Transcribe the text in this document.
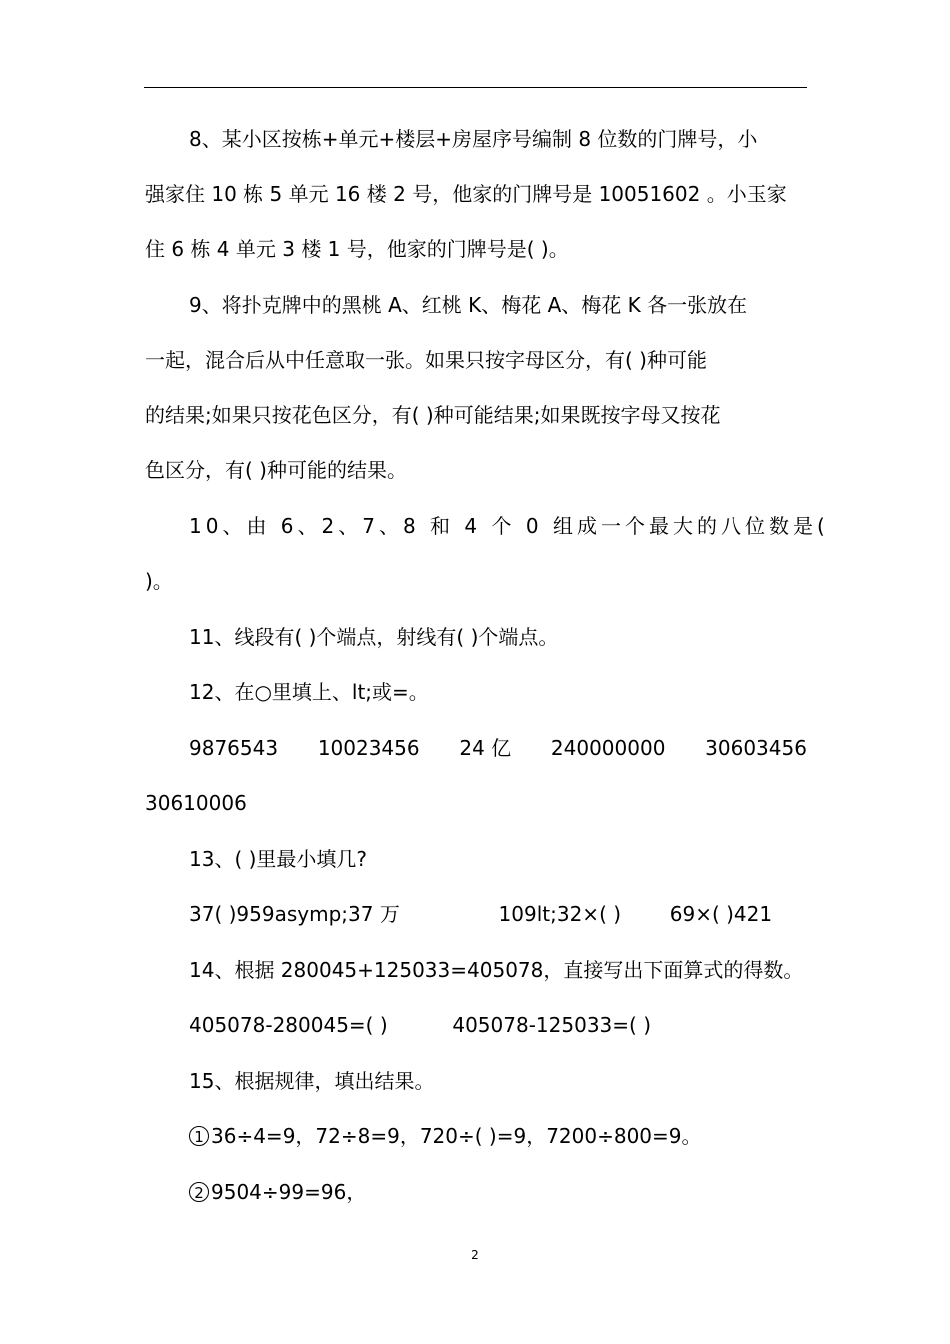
8、某小区按栋+单元+楼层+房屋序号编制 8 位数的门牌号，小
强家住 10 栋 5 单元 16 楼 2 号，他家的门牌号是 10051602 。小玉家
住 6 栋 4 单元 3 楼 1 号，他家的门牌号是( )。
9、将扑克牌中的黑桃 A、红桃 K、梅花 A、梅花 K 各一张放在
一起，混合后从中任意取一张。如果只按字母区分，有( )种可能
的结果;如果只按花色区分，有( )种可能结果;如果既按字母又按花
色区分，有( )种可能的结果。
10、由 6、2、7、8 和 4 个 0 组成一个最大的八位数是(
)。
11、线段有( )个端点，射线有( )个端点。
12、在○里填上、lt;或=。
9876543 10023456 24 亿 240000000 30603456
30610006
13、( )里最小填几?
37( )959asymp;37 万	109lt;32×( ) 69×( )421
14、根据 280045+125033=405078，直接写出下面算式的得数。
405078-280045=( )	405078-125033=( )
15、根据规律，填出结果。
1 36÷4=9，72÷8=9，720÷( )=9，7200÷800=9。
2 9504÷99=96，
2
